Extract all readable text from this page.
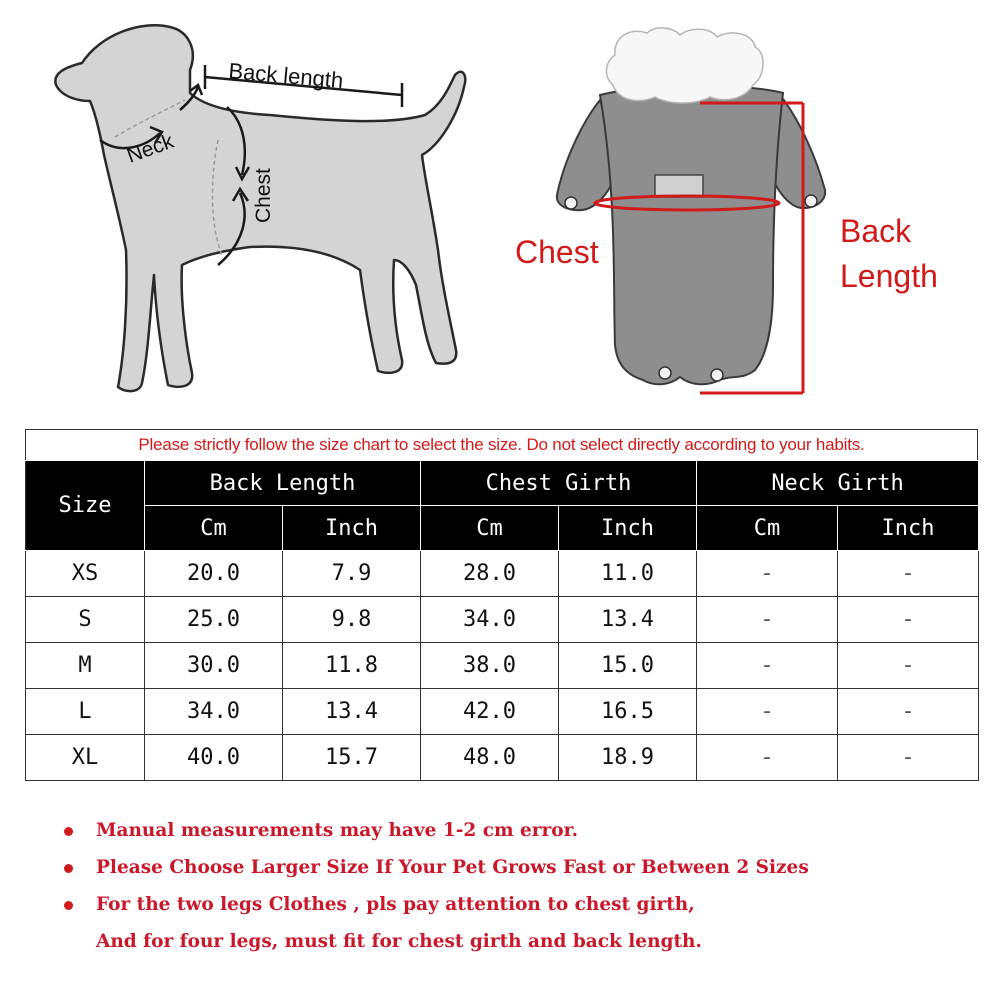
Back length
Neck
Chest
Chest
Back
Length
Please strictly follow the size chart to select the size. Do not select directly according to your habits.
Size	Back Length		Chest Girth		Neck Girth	
	Cm	Inch	Cm	Inch	Cm	Inch
XS	20.0	7.9	28.0	11.0	-	-
S	25.0	9.8	34.0	13.4	-	-
M	30.0	11.8	38.0	15.0	-	-
L	34.0	13.4	42.0	16.5	-	-
XL	40.0	15.7	48.0	18.9	-	-
Manual measurements may have 1-2 cm error.
Please Choose Larger Size If Your Pet Grows Fast or Between 2 Sizes
For the two legs Clothes , pls pay attention to chest girth,
And for four legs, must fit for chest girth and back length.
